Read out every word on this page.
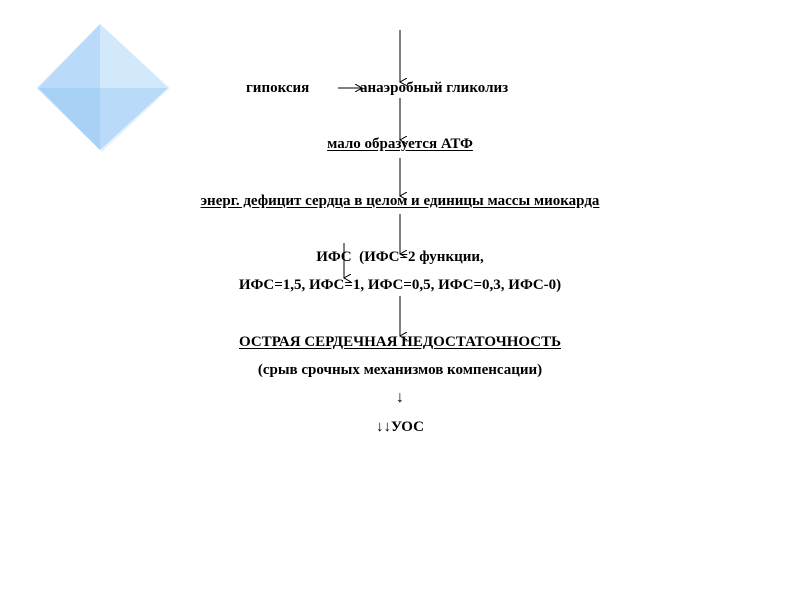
гипоксия	анаэробный гликолиз
мало образуется АТФ
энерг. дефицит сердца в целом и единицы массы миокарда
ИФС  (ИФС=2 функции,
ИФС=1,5, ИФС=1, ИФС=0,5, ИФС=0,3, ИФС-0)
ОСТРАЯ СЕРДЕЧНАЯ НЕДОСТАТОЧНОСТЬ
(срыв срочных механизмов компенсации)
↓
↓↓УОС
